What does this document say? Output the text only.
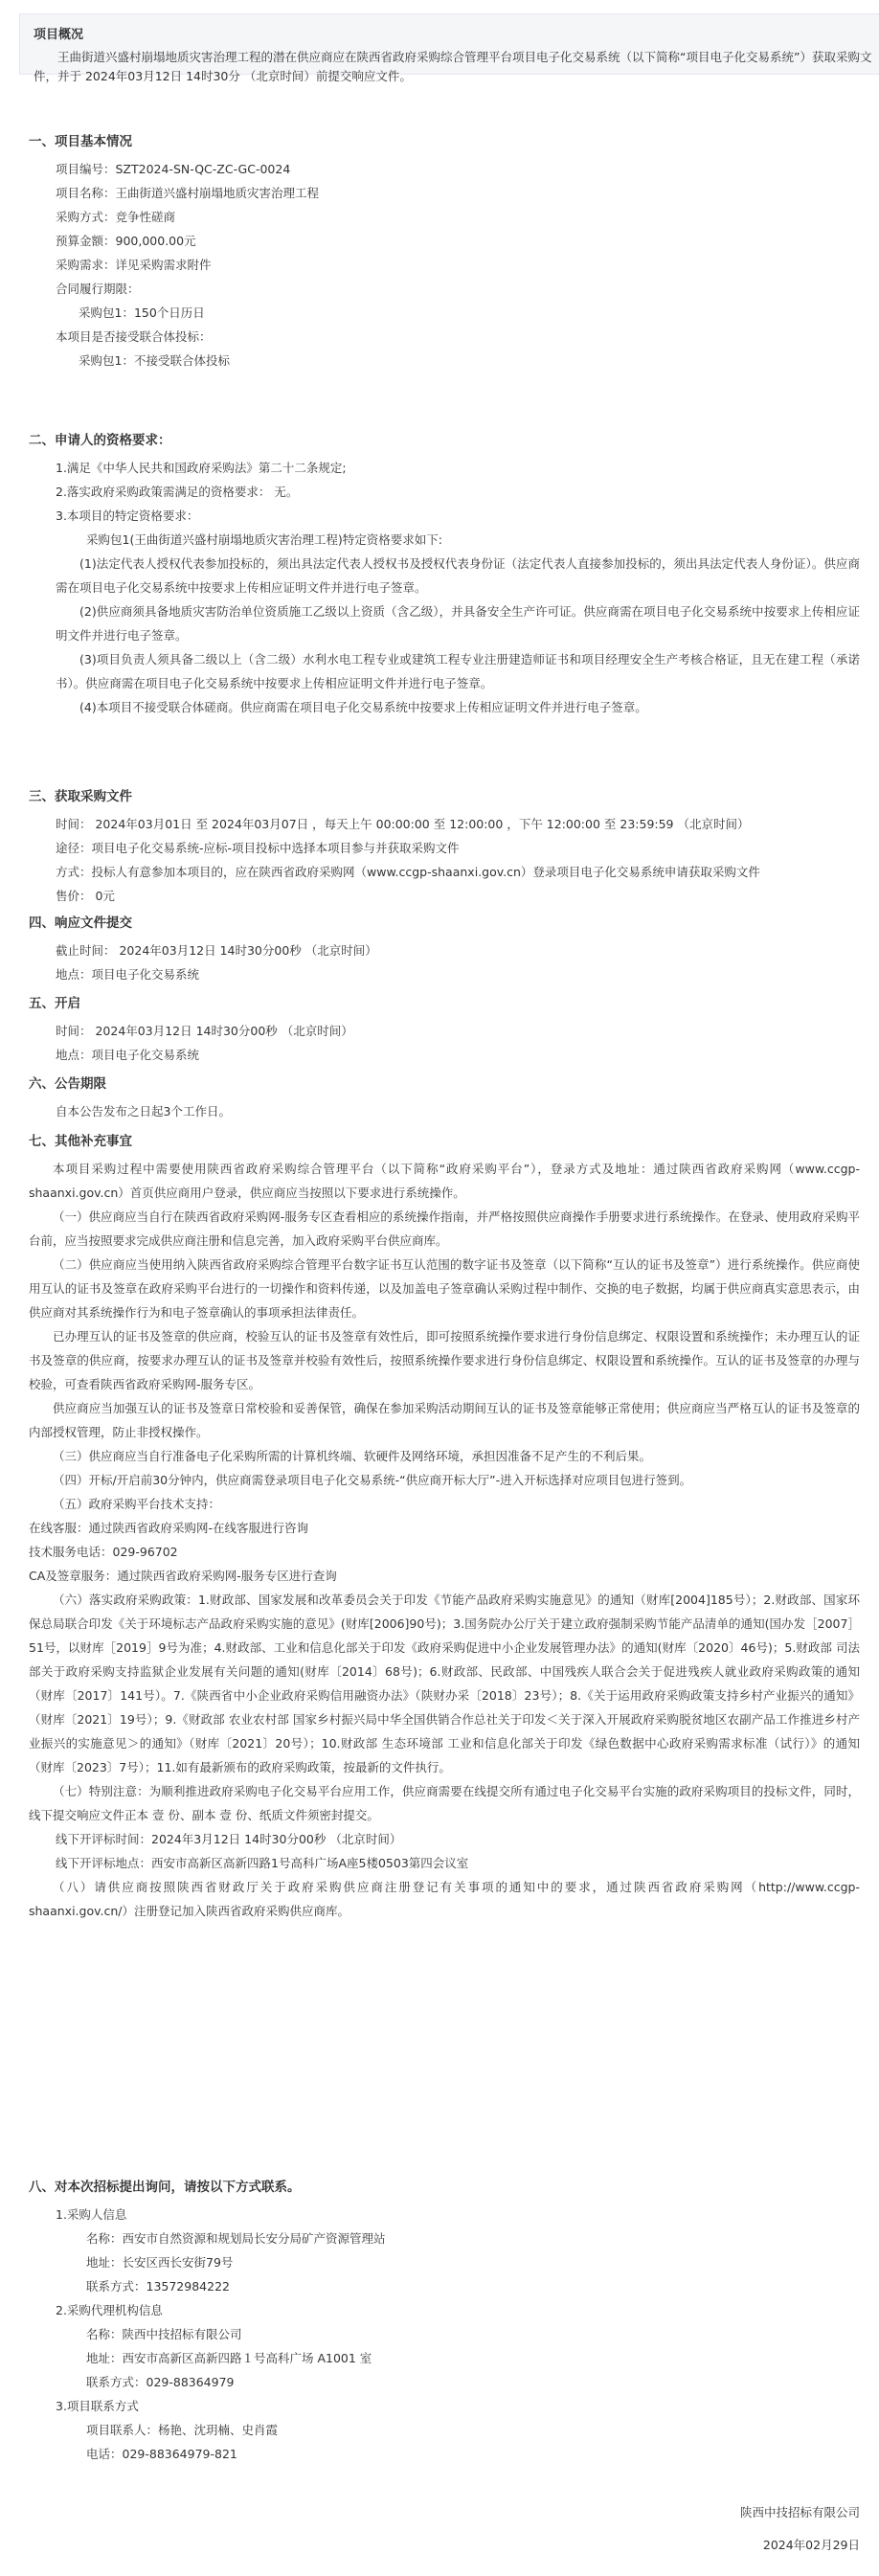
项目概况

王曲街道兴盛村崩塌地质灾害治理工程的潜在供应商应在陕西省政府采购综合管理平台项目电子化交易系统（以下简称“项目电子化交易系统”）获取采购文件，并于 2024年03月12日 14时30分 （北京时间）前提交响应文件。

一、项目基本情况

项目编号：SZT2024-SN-QC-ZC-GC-0024

项目名称：王曲街道兴盛村崩塌地质灾害治理工程

采购方式：竞争性磋商

预算金额：900,000.00元

采购需求：详见采购需求附件

合同履行期限：

采购包1：150个日历日

本项目是否接受联合体投标：

采购包1：不接受联合体投标

二、申请人的资格要求：

1.满足《中华人民共和国政府采购法》第二十二条规定;

2.落实政府采购政策需满足的资格要求： 无。

3.本项目的特定资格要求：

采购包1(王曲街道兴盛村崩塌地质灾害治理工程)特定资格要求如下:

(1)法定代表人授权代表参加投标的，须出具法定代表人授权书及授权代表身份证（法定代表人直接参加投标的，须出具法定代表人身份证）。供应商需在项目电子化交易系统中按要求上传相应证明文件并进行电子签章。

(2)供应商须具备地质灾害防治单位资质施工乙级以上资质（含乙级），并具备安全生产许可证。供应商需在项目电子化交易系统中按要求上传相应证明文件并进行电子签章。

(3)项目负责人须具备二级以上（含二级）水利水电工程专业或建筑工程专业注册建造师证书和项目经理安全生产考核合格证，且无在建工程（承诺书）。供应商需在项目电子化交易系统中按要求上传相应证明文件并进行电子签章。

(4)本项目不接受联合体磋商。供应商需在项目电子化交易系统中按要求上传相应证明文件并进行电子签章。

三、获取采购文件

时间： 2024年03月01日 至 2024年03月07日 ，每天上午 00:00:00 至 12:00:00 ，下午 12:00:00 至 23:59:59 （北京时间）

途径：项目电子化交易系统-应标-项目投标中选择本项目参与并获取采购文件

方式：投标人有意参加本项目的，应在陕西省政府采购网（www.ccgp-shaanxi.gov.cn）登录项目电子化交易系统申请获取采购文件

售价： 0元

四、响应文件提交

截止时间： 2024年03月12日 14时30分00秒 （北京时间）

地点：项目电子化交易系统

五、开启

时间： 2024年03月12日 14时30分00秒 （北京时间）

地点：项目电子化交易系统

六、公告期限

自本公告发布之日起3个工作日。

七、其他补充事宜

本项目采购过程中需要使用陕西省政府采购综合管理平台（以下简称“政府采购平台”），登录方式及地址：通过陕西省政府采购网（www.ccgp-shaanxi.gov.cn）首页供应商用户登录，供应商应当按照以下要求进行系统操作。

（一）供应商应当自行在陕西省政府采购网-服务专区查看相应的系统操作指南，并严格按照供应商操作手册要求进行系统操作。在登录、使用政府采购平台前，应当按照要求完成供应商注册和信息完善，加入政府采购平台供应商库。

（二）供应商应当使用纳入陕西省政府采购综合管理平台数字证书互认范围的数字证书及签章（以下简称“互认的证书及签章”）进行系统操作。供应商使用互认的证书及签章在政府采购平台进行的一切操作和资料传递，以及加盖电子签章确认采购过程中制作、交换的电子数据，均属于供应商真实意思表示，由供应商对其系统操作行为和电子签章确认的事项承担法律责任。

已办理互认的证书及签章的供应商，校验互认的证书及签章有效性后，即可按照系统操作要求进行身份信息绑定、权限设置和系统操作；未办理互认的证书及签章的供应商，按要求办理互认的证书及签章并校验有效性后，按照系统操作要求进行身份信息绑定、权限设置和系统操作。互认的证书及签章的办理与校验，可查看陕西省政府采购网-服务专区。

供应商应当加强互认的证书及签章日常校验和妥善保管，确保在参加采购活动期间互认的证书及签章能够正常使用；供应商应当严格互认的证书及签章的内部授权管理，防止非授权操作。

（三）供应商应当自行准备电子化采购所需的计算机终端、软硬件及网络环境，承担因准备不足产生的不利后果。

（四）开标/开启前30分钟内，供应商需登录项目电子化交易系统-“供应商开标大厅”-进入开标选择对应项目包进行签到。

（五）政府采购平台技术支持：

在线客服：通过陕西省政府采购网-在线客服进行咨询

技术服务电话：029-96702

CA及签章服务：通过陕西省政府采购网-服务专区进行查询

（六）落实政府采购政策：1.财政部、国家发展和改革委员会关于印发《节能产品政府采购实施意见》的通知（财库[2004]185号）；2.财政部、国家环保总局联合印发《关于环境标志产品政府采购实施的意见》(财库[2006]90号)；3.国务院办公厅关于建立政府强制采购节能产品清单的通知(国办发［2007］51号，以财库［2019］9号为准；4.财政部、工业和信息化部关于印发《政府采购促进中小企业发展管理办法》的通知(财库〔2020〕46号)；5.财政部 司法部关于政府采购支持监狱企业发展有关问题的通知(财库〔2014〕68号)；6.财政部、民政部、中国残疾人联合会关于促进残疾人就业政府采购政策的通知（财库〔2017〕141号）。7.《陕西省中小企业政府采购信用融资办法》（陕财办采〔2018〕23号）；8.《关于运用政府采购政策支持乡村产业振兴的通知》（财库〔2021〕19号）；9.《财政部 农业农村部 国家乡村振兴局中华全国供销合作总社关于印发＜关于深入开展政府采购脱贫地区农副产品工作推进乡村产业振兴的实施意见＞的通知》（财库〔2021〕20号）；10.财政部 生态环境部 工业和信息化部关于印发《绿色数据中心政府采购需求标准（试行）》的通知（财库〔2023〕7号）；11.如有最新颁布的政府采购政策，按最新的文件执行。

（七）特别注意：为顺利推进政府采购电子化交易平台应用工作，供应商需要在线提交所有通过电子化交易平台实施的政府采购项目的投标文件，同时，线下提交响应文件正本 壹 份、副本 壹 份、纸质文件须密封提交。

线下开评标时间：2024年3月12日 14时30分00秒 （北京时间）

线下开评标地点：西安市高新区高新四路1号高科广场A座5楼0503第四会议室

（八）请供应商按照陕西省财政厅关于政府采购供应商注册登记有关事项的通知中的要求，通过陕西省政府采购网（http://www.ccgp-shaanxi.gov.cn/）注册登记加入陕西省政府采购供应商库。

八、对本次招标提出询问，请按以下方式联系。

1.采购人信息

名称：西安市自然资源和规划局长安分局矿产资源管理站

地址：长安区西长安街79号

联系方式：13572984222

2.采购代理机构信息

名称：陕西中技招标有限公司

地址：西安市高新区高新四路１号高科广场 A1001 室

联系方式：029-88364979

3.项目联系方式

项目联系人：杨艳、沈玥楠、史肖霞

电话：029-88364979-821

陕西中技招标有限公司

2024年02月29日
